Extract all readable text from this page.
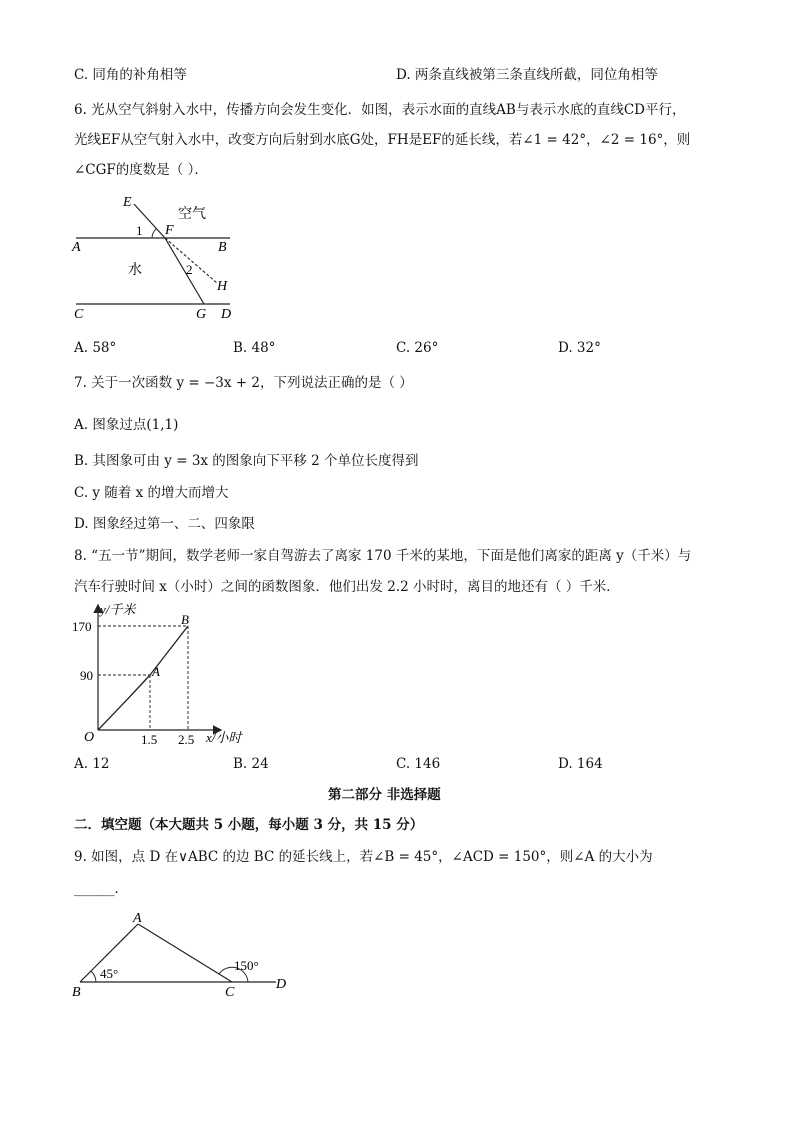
C. 同角的补角相等	D. 两条直线被第三条直线所截，同位角相等
6. 光从空气斜射入水中，传播方向会发生变化．如图，表示水面的直线AB与表示水底的直线CD平行，
光线EF从空气射入水中，改变方向后射到水底G处，FH是EF的延长线，若∠1 = 42°，∠2 = 16°，则
∠CGF的度数是（ ）．
E
F
A	B
C	G D
H
1
2
空气
水
A. 58°	B. 48°	C. 26°	D. 32°
7. 关于一次函数 y = −3x + 2，下列说法正确的是（ ）
A. 图象过点(1,1)
B. 其图象可由 y = 3x 的图象向下平移 2 个单位长度得到
C. y 随着 x 的增大而增大
D. 图象经过第一、二、四象限
8. “五一节”期间，数学老师一家自驾游去了离家 170 千米的某地，下面是他们离家的距离 y（千米）与
汽车行驶时间 x（小时）之间的函数图象．他们出发 2.2 小时时，离目的地还有（ ）千米．
y/千米
x/小时
O
170
90
1.5 2.5
A
B
A. 12	B. 24	C. 146	D. 164
第二部分 非选择题
二．填空题（本大题共 5 小题，每小题 3 分，共 15 分）
9. 如图，点 D 在∨ABC 的边 BC 的延长线上，若∠B = 45°，∠ACD = 150°，则∠A 的大小为
______．
A
B	C
D
45°
150°
